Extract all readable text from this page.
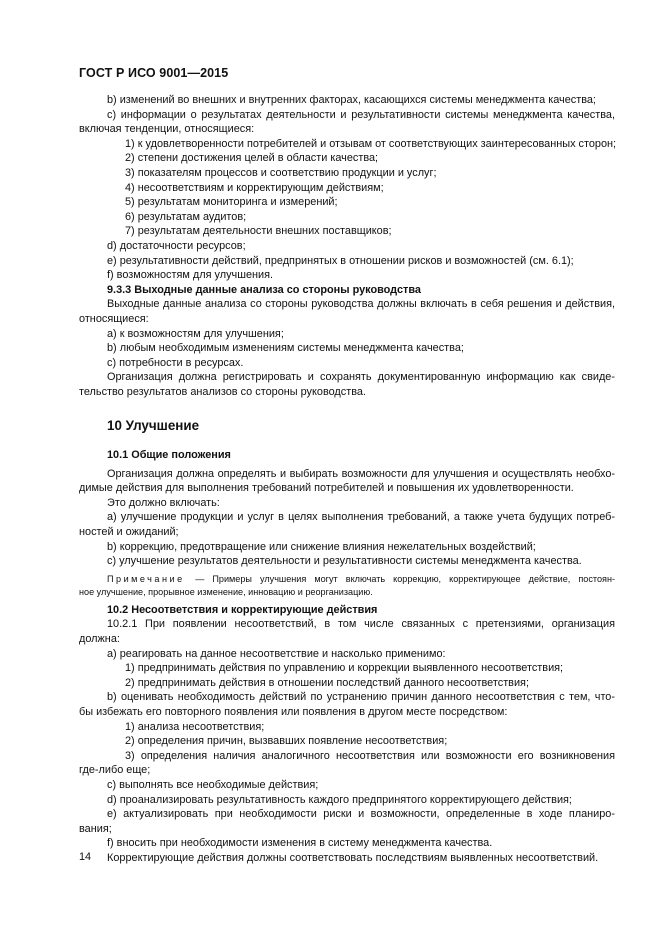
ГОСТ Р ИСО 9001—2015
b) изменений во внешних и внутренних факторах, касающихся системы менеджмента качества;
c) информации о результатах деятельности и результативности системы менеджмента качества,
включая тенденции, относящиеся:
1) к удовлетворенности потребителей и отзывам от соответствующих заинтересованных сторон;
2) степени достижения целей в области качества;
3) показателям процессов и соответствию продукции и услуг;
4) несоответствиям и корректирующим действиям;
5) результатам мониторинга и измерений;
6) результатам аудитов;
7) результатам деятельности внешних поставщиков;
d) достаточности ресурсов;
e) результативности действий, предпринятых в отношении рисков и возможностей (см. 6.1);
f) возможностям для улучшения.
9.3.3 Выходные данные анализа со стороны руководства
Выходные данные анализа со стороны руководства должны включать в себя решения и действия,
относящиеся:
a) к возможностям для улучшения;
b) любым необходимым изменениям системы менеджмента качества;
c) потребности в ресурсах.
Организация должна регистрировать и сохранять документированную информацию как свиде-
тельство результатов анализов со стороны руководства.
10 Улучшение
10.1 Общие положения
Организация должна определять и выбирать возможности для улучшения и осуществлять необхо-
димые действия для выполнения требований потребителей и повышения их удовлетворенности.
Это должно включать:
a) улучшение продукции и услуг в целях выполнения требований, а также учета будущих потреб-
ностей и ожиданий;
b) коррекцию, предотвращение или снижение влияния нежелательных воздействий;
c) улучшение результатов деятельности и результативности системы менеджмента качества.
Примечание — Примеры улучшения могут включать коррекцию, корректирующее действие, постоян-
ное улучшение, прорывное изменение, инновацию и реорганизацию.
10.2 Несоответствия и корректирующие действия
10.2.1 При появлении несоответствий, в том числе связанных с претензиями, организация
должна:
a) реагировать на данное несоответствие и насколько применимо:
1) предпринимать действия по управлению и коррекции выявленного несоответствия;
2) предпринимать действия в отношении последствий данного несоответствия;
b) оценивать необходимость действий по устранению причин данного несоответствия с тем, что-
бы избежать его повторного появления или появления в другом месте посредством:
1) анализа несоответствия;
2) определения причин, вызвавших появление несоответствия;
3) определения наличия аналогичного несоответствия или возможности его возникновения
где-либо еще;
c) выполнять все необходимые действия;
d) проанализировать результативность каждого предпринятого корректирующего действия;
e) актуализировать при необходимости риски и возможности, определенные в ходе планиро-
вания;
f) вносить при необходимости изменения в систему менеджмента качества.
Корректирующие действия должны соответствовать последствиям выявленных несоответствий.
14
